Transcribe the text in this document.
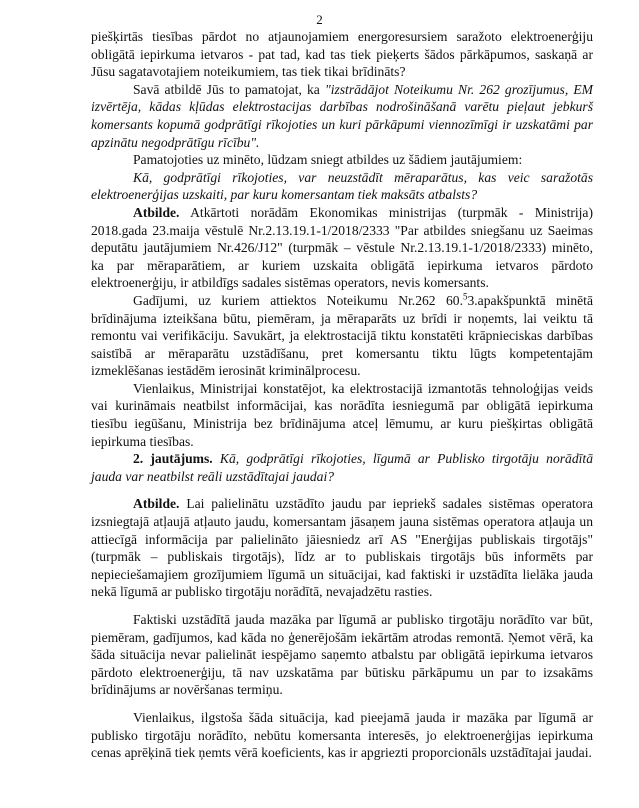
2

piešķirtās tiesības pārdot no atjaunojamiem energoresursiem saražoto elektroenerģiju obligātā iepirkuma ietvaros - pat tad, kad tas tiek pieķerts šādos pārkāpumos, saskaņā ar Jūsu sagatavotajiem noteikumiem, tas tiek tikai brīdināts?

Savā atbildē Jūs to pamatojat, ka "izstrādājot Noteikumu Nr. 262 grozījumus, EM izvērtēja, kādas kļūdas elektrostacijas darbības nodrošināšanā varētu pieļaut jebkurš komersants kopumā godprātīgi rīkojoties un kuri pārkāpumi viennozīmīgi ir uzskatāmi par apzinātu negodprātīgu rīcību".

Pamatojoties uz minēto, lūdzam sniegt atbildes uz šādiem jautājumiem:

Kā, godprātīgi rīkojoties, var neuzstādīt mēraparātus, kas veic saražotās elektroenerģijas uzskaiti, par kuru komersantam tiek maksāts atbalsts?

Atbilde. Atkārtoti norādām Ekonomikas ministrijas (turpmāk - Ministrija) 2018.gada 23.maija vēstulē Nr.2.13.19.1-1/2018/2333 "Par atbildes sniegšanu uz Saeimas deputātu jautājumiem Nr.426/J12" (turpmāk – vēstule Nr.2.13.19.1-1/2018/2333) minēto, ka par mēraparātiem, ar kuriem uzskaita obligātā iepirkuma ietvaros pārdoto elektroenerģiju, ir atbildīgs sadales sistēmas operators, nevis komersants.

Gadījumi, uz kuriem attiektos Noteikumu Nr.262 60.$^5$3.apakšpunktā minētā brīdinājuma izteikšana būtu, piemēram, ja mēraparāts uz brīdi ir noņemts, lai veiktu tā remontu vai verifikāciju. Savukārt, ja elektrostacijā tiktu konstatēti krāpnieciskas darbības saistībā ar mēraparātu uzstādīšanu, pret komersantu tiktu lūgts kompetentajām izmeklēšanas iestādēm ierosināt kriminālprocesu.

Vienlaikus, Ministrijai konstatējot, ka elektrostacijā izmantotās tehnoloģijas veids vai kurināmais neatbilst informācijai, kas norādīta iesniegumā par obligātā iepirkuma tiesību iegūšanu, Ministrija bez brīdinājuma atceļ lēmumu, ar kuru piešķirtas obligātā iepirkuma tiesības.

2. jautājums. Kā, godprātīgi rīkojoties, līgumā ar Publisko tirgotāju norādītā jauda var neatbilst reāli uzstādītajai jaudai?

Atbilde. Lai palielinātu uzstādīto jaudu par iepriekš sadales sistēmas operatora izsniegtajā atļaujā atļauto jaudu, komersantam jāsaņem jauna sistēmas operatora atļauja un attiecīgā informācija par palielināto jāiesniedz arī AS "Enerģijas publiskais tirgotājs" (turpmāk – publiskais tirgotājs), līdz ar to publiskais tirgotājs būs informēts par nepieciešamajiem grozījumiem līgumā un situācijai, kad faktiski ir uzstādīta lielāka jauda nekā līgumā ar publisko tirgotāju norādītā, nevajadzētu rasties.

Faktiski uzstādītā jauda mazāka par līgumā ar publisko tirgotāju norādīto var būt, piemēram, gadījumos, kad kāda no ģenerējošām iekārtām atrodas remontā. Ņemot vērā, ka šāda situācija nevar palielināt iespējamo saņemto atbalstu par obligātā iepirkuma ietvaros pārdoto elektroenerģiju, tā nav uzskatāma par būtisku pārkāpumu un par to izsakāms brīdinājums ar novēršanas termiņu.

Vienlaikus, ilgstoša šāda situācija, kad pieejamā jauda ir mazāka par līgumā ar publisko tirgotāju norādīto, nebūtu komersanta interesēs, jo elektroenerģijas iepirkuma cenas aprēķinā tiek ņemts vērā koeficients, kas ir apgriezti proporcionāls uzstādītajai jaudai.
